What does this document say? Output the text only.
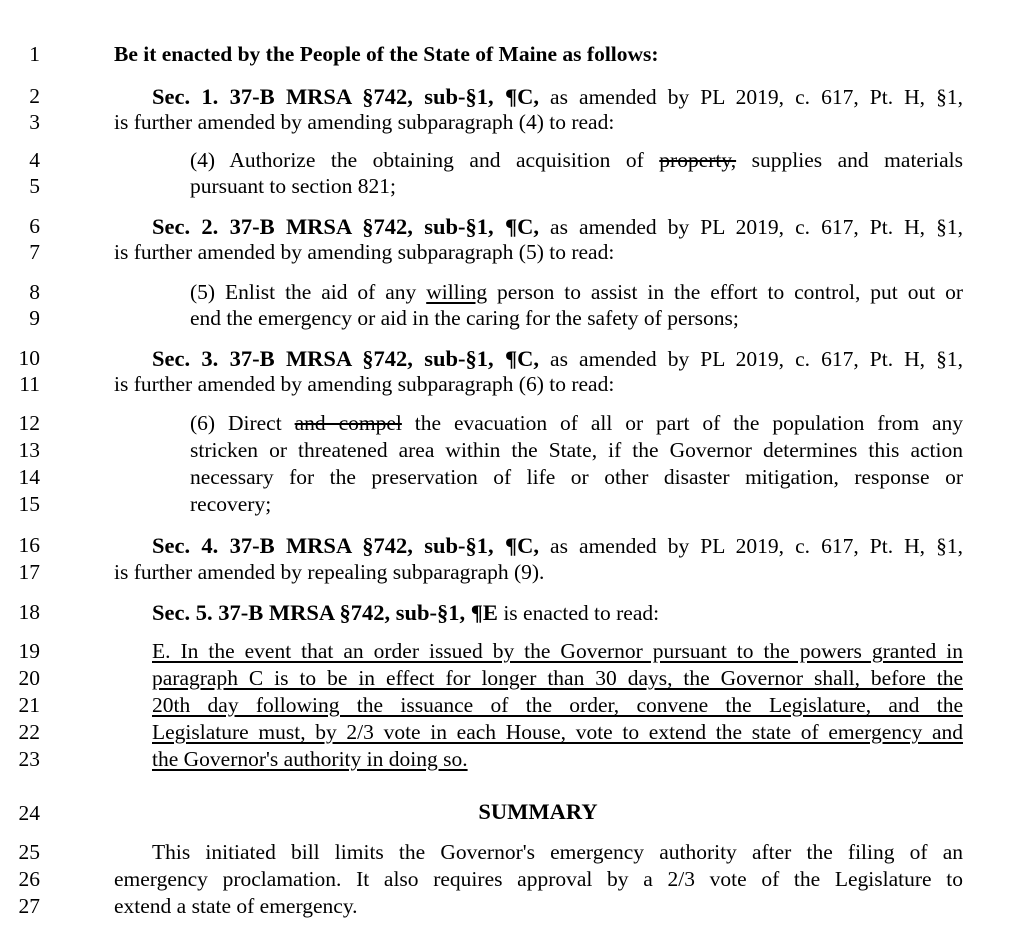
1
2
3
4
5
6
7
8
9
10
11
12
13
14
15
16
17
18
19
20
21
22
23
24
25
26
27
Be it enacted by the People of the State of Maine as follows:
Sec. 1. 37-B MRSA §742, sub-§1, ¶C, as amended by PL 2019, c. 617, Pt. H, §1,
is further amended by amending subparagraph (4) to read:
(4) Authorize the obtaining and acquisition of property, supplies and materials
pursuant to section 821;
Sec. 2. 37-B MRSA §742, sub-§1, ¶C, as amended by PL 2019, c. 617, Pt. H, §1,
is further amended by amending subparagraph (5) to read:
(5) Enlist the aid of any willing person to assist in the effort to control, put out or
end the emergency or aid in the caring for the safety of persons;
Sec. 3. 37-B MRSA §742, sub-§1, ¶C, as amended by PL 2019, c. 617, Pt. H, §1,
is further amended by amending subparagraph (6) to read:
(6) Direct and compel the evacuation of all or part of the population from any
stricken or threatened area within the State, if the Governor determines this action
necessary for the preservation of life or other disaster mitigation, response or
recovery;
Sec. 4. 37-B MRSA §742, sub-§1, ¶C, as amended by PL 2019, c. 617, Pt. H, §1,
is further amended by repealing subparagraph (9).
Sec. 5. 37-B MRSA §742, sub-§1, ¶E is enacted to read:
E. In the event that an order issued by the Governor pursuant to the powers granted in
paragraph C is to be in effect for longer than 30 days, the Governor shall, before the
20th day following the issuance of the order, convene the Legislature, and the
Legislature must, by 2/3 vote in each House, vote to extend the state of emergency and
the Governor's authority in doing so.
SUMMARY
This initiated bill limits the Governor's emergency authority after the filing of an
emergency proclamation. It also requires approval by a 2/3 vote of the Legislature to
extend a state of emergency.
